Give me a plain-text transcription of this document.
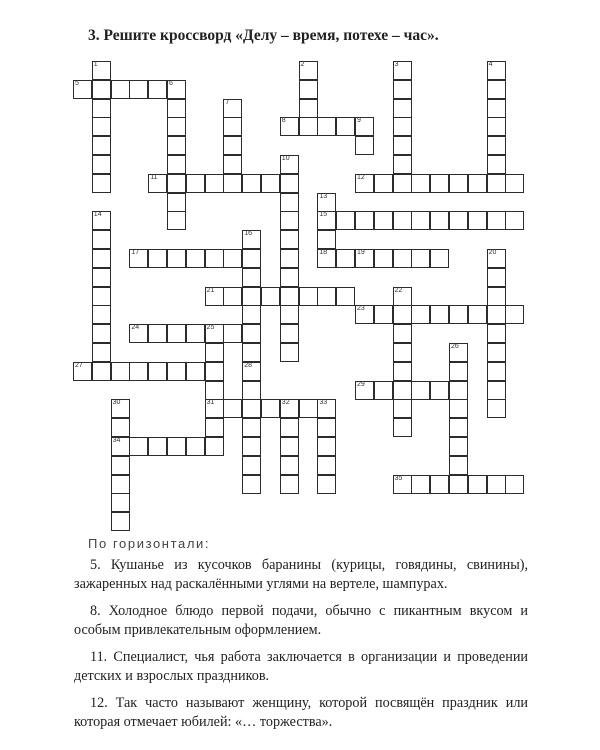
3. Решите кроссворд «Делу – время, потехе – час».
1	2	3	4
5	6
7
8	9
10
11	12
13
15
14
16
17	18	19	20
21	22
23
24	25
31
26
27	28
29
30
34
32	33
35
По горизонтали:

5. Кушанье из кусочков баранины (курицы, говядины, свинины), зажаренных над раскалёнными углями на вертеле, шампурах.

8. Холодное блюдо первой подачи, обычно с пикантным вкусом и особым привлекательным оформлением.

11. Специалист, чья работа заключается в организации и проведении детских и взрослых праздников.

12. Так часто называют женщину, которой посвящён праздник или которая отмечает юбилей: «… торжества».
